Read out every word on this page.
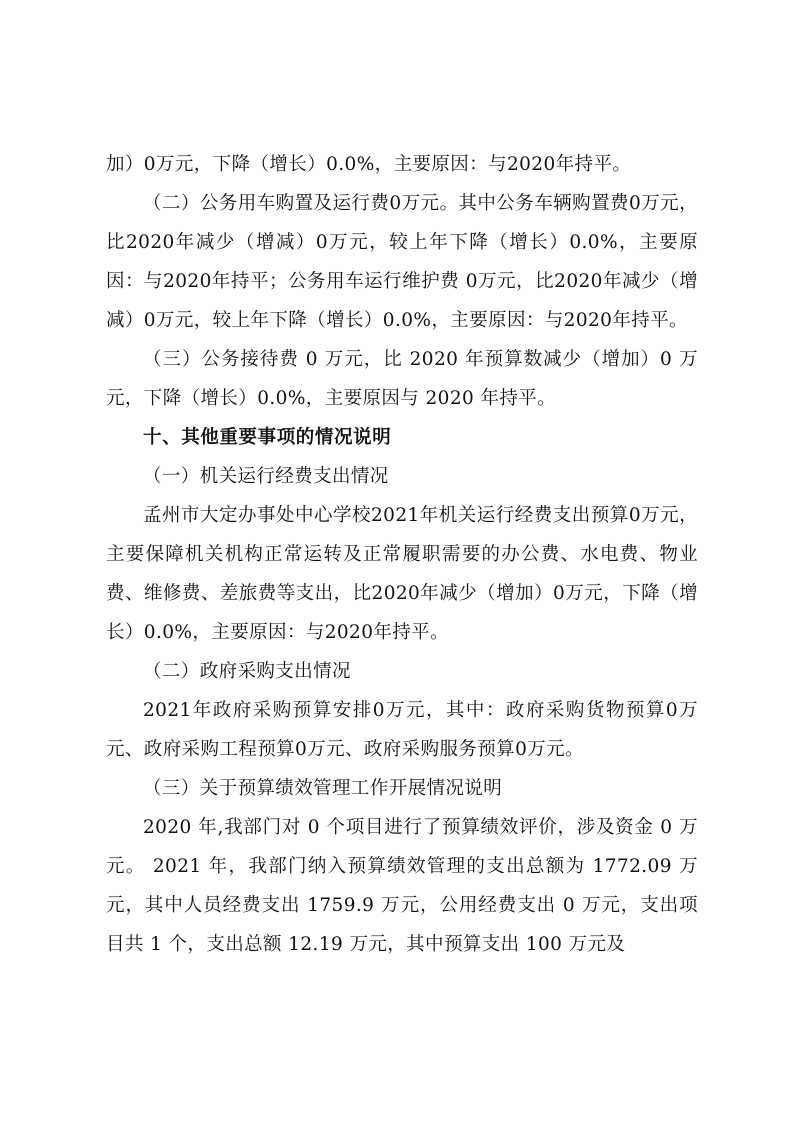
加）0万元，下降（增长）0.0%，主要原因：与2020年持平。

（二）公务用车购置及运行费0万元。其中公务车辆购置费0万元，比2020年减少（增减）0万元，较上年下降（增长）0.0%，主要原因：与2020年持平；公务用车运行维护费 0万元，比2020年减少（增减）0万元，较上年下降（增长）0.0%，主要原因：与2020年持平。

（三）公务接待费 0 万元，比 2020 年预算数减少（增加）0 万元，下降（增长）0.0%，主要原因与 2020 年持平。

十、其他重要事项的情况说明

（一）机关运行经费支出情况

孟州市大定办事处中心学校2021年机关运行经费支出预算0万元，主要保障机关机构正常运转及正常履职需要的办公费、水电费、物业费、维修费、差旅费等支出，比2020年减少（增加）0万元，下降（增长）0.0%，主要原因：与2020年持平。

（二）政府采购支出情况

2021年政府采购预算安排0万元，其中：政府采购货物预算0万元、政府采购工程预算0万元、政府采购服务预算0万元。

（三）关于预算绩效管理工作开展情况说明

2020 年,我部门对 0 个项目进行了预算绩效评价，涉及资金 0 万元。 2021 年，我部门纳入预算绩效管理的支出总额为 1772.09 万元，其中人员经费支出 1759.9 万元，公用经费支出 0 万元，支出项目共 1 个，支出总额 12.19 万元，其中预算支出 100 万元及
